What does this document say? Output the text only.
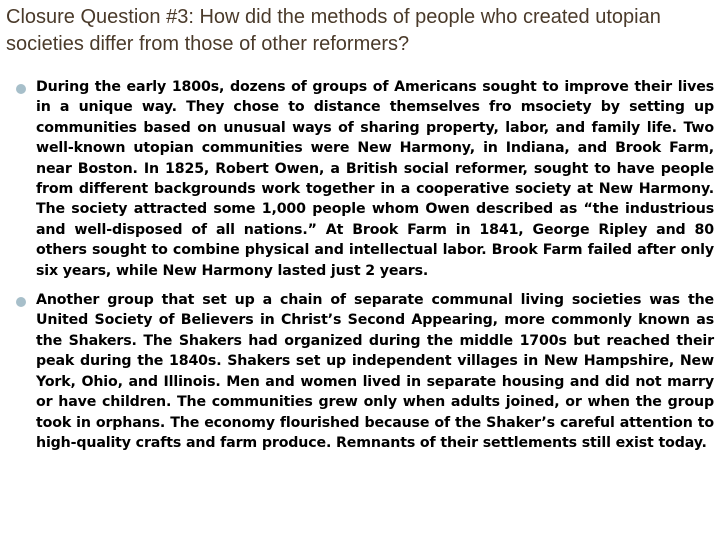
Closure Question #3: How did the methods of people who created utopian societies differ from those of other reformers?

During the early 1800s, dozens of groups of Americans sought to improve their lives in a unique way. They chose to distance themselves fro msociety by setting up communities based on unusual ways of sharing property, labor, and family life. Two well-known utopian communities were New Harmony, in Indiana, and Brook Farm, near Boston. In 1825, Robert Owen, a British social reformer, sought to have people from different backgrounds work together in a cooperative society at New Harmony. The society attracted some 1,000 people whom Owen described as “the industrious and well-disposed of all nations.” At Brook Farm in 1841, George Ripley and 80 others sought to combine physical and intellectual labor. Brook Farm failed after only six years, while New Harmony lasted just 2 years.

Another group that set up a chain of separate communal living societies was the United Society of Believers in Christ’s Second Appearing, more commonly known as the Shakers. The Shakers had organized during the middle 1700s but reached their peak during the 1840s. Shakers set up independent villages in New Hampshire, New York, Ohio, and Illinois. Men and women lived in separate housing and did not marry or have children. The communities grew only when adults joined, or when the group took in orphans. The economy flourished because of the Shaker’s careful attention to high-quality crafts and farm produce. Remnants of their settlements still exist today.
